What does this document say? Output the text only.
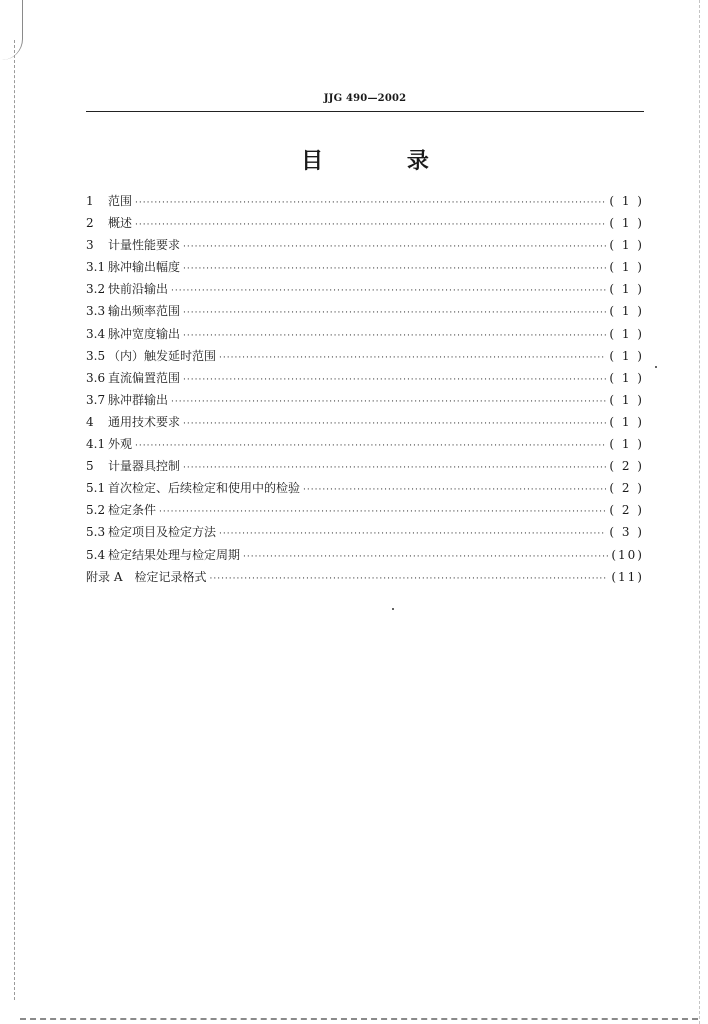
JJG 490—2002
目 录
1	范围 ·····	( 1 )
2	概述 ·····	( 1 )
3	计量性能要求 ·····	( 1 )
3.1 脉冲输出幅度 ·····	( 1 )
3.2 快前沿输出 ·····	( 1 )
3.3 输出频率范围 ·····	( 1 )
3.4 脉冲宽度输出 ·····	( 1 )
3.5 （内）触发延时范围 ·····	( 1 )
3.6 直流偏置范围 ·····	( 1 )
3.7 脉冲群输出 ·····	( 1 )
4	通用技术要求 ·····	( 1 )
4.1 外观 ·····	( 1 )
5	计量器具控制 ·····	( 2 )
5.1 首次检定、后续检定和使用中的检验 ·····	( 2 )
5.2 检定条件 ·····	( 2 )
5.3 检定项目及检定方法 ·····	( 3 )
5.4 检定结果处理与检定周期 ·····	(10)
附录 A　检定记录格式 ·····	(11)
